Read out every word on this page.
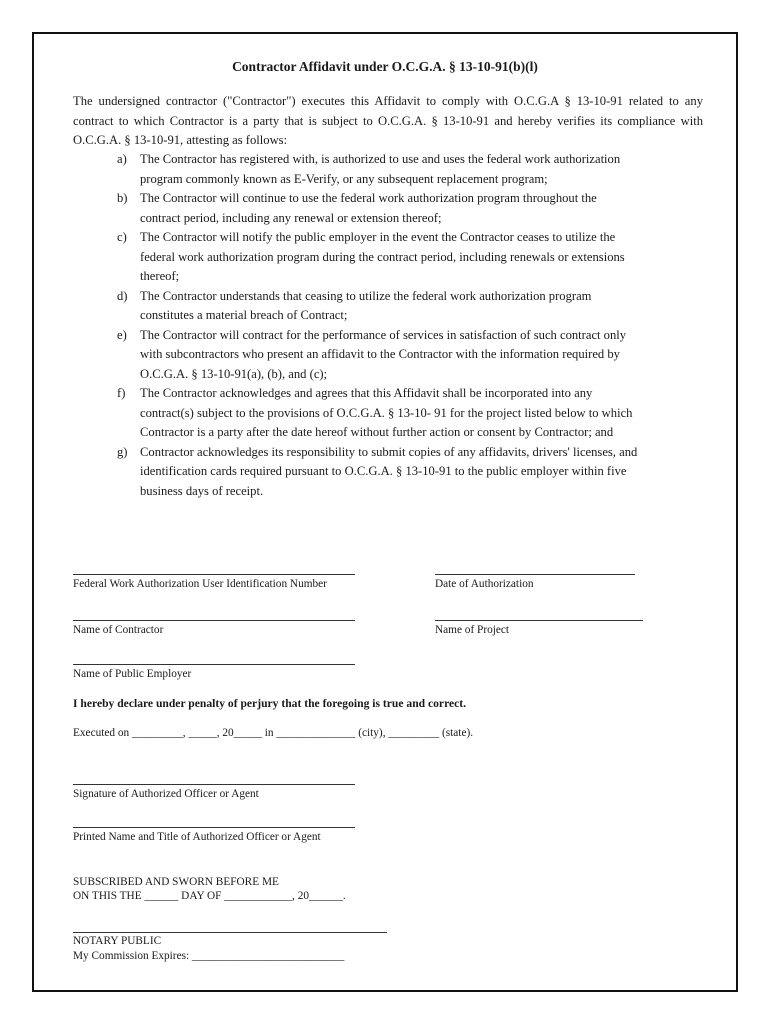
Contractor Affidavit under O.C.G.A. § 13-10-91(b)(l)
The undersigned contractor ("Contractor") executes this Affidavit to comply with O.C.G.A § 13-10-91 related to any contract to which Contractor is a party that is subject to O.C.G.A. § 13-10-91 and hereby verifies its compliance with O.C.G.A. § 13-10-91, attesting as follows:
a) The Contractor has registered with, is authorized to use and uses the federal work authorization program commonly known as E-Verify, or any subsequent replacement program;
b) The Contractor will continue to use the federal work authorization program throughout the contract period, including any renewal or extension thereof;
c) The Contractor will notify the public employer in the event the Contractor ceases to utilize the federal work authorization program during the contract period, including renewals or extensions thereof;
d) The Contractor understands that ceasing to utilize the federal work authorization program constitutes a material breach of Contract;
e) The Contractor will contract for the performance of services in satisfaction of such contract only with subcontractors who present an affidavit to the Contractor with the information required by O.C.G.A. § 13-10-91(a), (b), and (c);
f) The Contractor acknowledges and agrees that this Affidavit shall be incorporated into any contract(s) subject to the provisions of O.C.G.A. § 13-10- 91 for the project listed below to which Contractor is a party after the date hereof without further action or consent by Contractor; and
g) Contractor acknowledges its responsibility to submit copies of any affidavits, drivers' licenses, and identification cards required pursuant to O.C.G.A. § 13-10-91 to the public employer within five business days of receipt.
Federal Work Authorization User Identification Number	Date of Authorization
Name of Contractor	Name of Project
Name of Public Employer
I hereby declare under penalty of perjury that the foregoing is true and correct.
Executed on _________, _____, 20_____ in ______________ (city), _________ (state).
Signature of Authorized Officer or Agent
Printed Name and Title of Authorized Officer or Agent
SUBSCRIBED AND SWORN BEFORE ME
ON THIS THE ______ DAY OF ____________, 20______.
NOTARY PUBLIC
My Commission Expires: ___________________________
